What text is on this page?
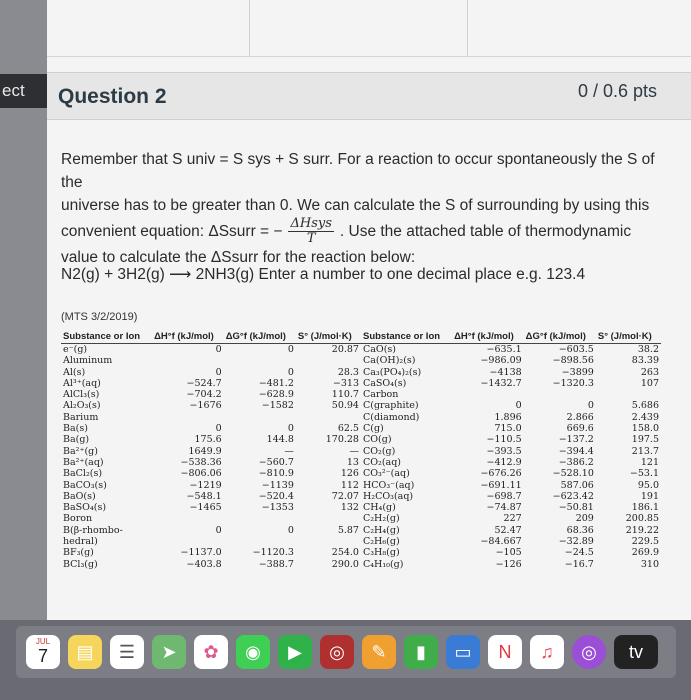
ect	Question 2	0 / 0.6 pts

Remember that S univ = S sys + S surr. For a reaction to occur spontaneously the S of the

universe has to be greater than 0. We can calculate the S of surrounding by using this

convenient equation: ΔSsurr = − $\frac{\text{ΔHsys}}{T}$ . Use the attached table of thermodynamic

value to calculate the ΔSsurr for the reaction below:

N2(g) + 3H2(g) ⟶ 2NH3(g) Enter a number to one decimal place e.g. 123.4
(MTS 3/2/2019)
Substance or Ion	ΔH°f (kJ/mol)	ΔG°f (kJ/mol)	S° (J/mol·K)	Substance or Ion	ΔH°f (kJ/mol)	ΔG°f (kJ/mol)	S° (J/mol·K)
e⁻(g)	0	0	20.87	CaO(s)	−635.1	−603.5	38.2
Aluminum				Ca(OH)₂(s)	−986.09	−898.56	83.39
Al(s)	0	0	28.3	Ca₃(PO₄)₂(s)	−4138	−3899	263
Al³⁺(aq)	−524.7	−481.2	−313	CaSO₄(s)	−1432.7	−1320.3	107
AlCl₃(s)	−704.2	−628.9	110.7	Carbon			
Al₂O₃(s)	−1676	−1582	50.94	C(graphite)	0	0	5.686
Barium				C(diamond)	1.896	2.866	2.439
Ba(s)	0	0	62.5	C(g)	715.0	669.6	158.0
Ba(g)	175.6	144.8	170.28	CO(g)	−110.5	−137.2	197.5
Ba²⁺(g)	1649.9	—	—	CO₂(g)	−393.5	−394.4	213.7
Ba²⁺(aq)	−538.36	−560.7	13	CO₂(aq)	−412.9	−386.2	121
BaCl₂(s)	−806.06	−810.9	126	CO₃²⁻(aq)	−676.26	−528.10	−53.1
BaCO₃(s)	−1219	−1139	112	HCO₃⁻(aq)	−691.11	587.06	95.0
BaO(s)	−548.1	−520.4	72.07	H₂CO₃(aq)	−698.7	−623.42	191
BaSO₄(s)	−1465	−1353	132	CH₄(g)	−74.87	−50.81	186.1
Boron				C₂H₂(g)	227	209	200.85
B(β-rhombo-	0	0	5.87	C₂H₄(g)	52.47	68.36	219.22
hedral)				C₂H₆(g)	−84.667	−32.89	229.5
BF₃(g)	−1137.0	−1120.3	254.0	C₃H₈(g)	−105	−24.5	269.9
BCl₃(g)	−403.8	−388.7	290.0	C₄H₁₀(g)	−126	−16.7	310
JUL
7	▤	☰	➤	✿	◉	▶	◎	✎	▮	▭	N	♫	◎	tv
